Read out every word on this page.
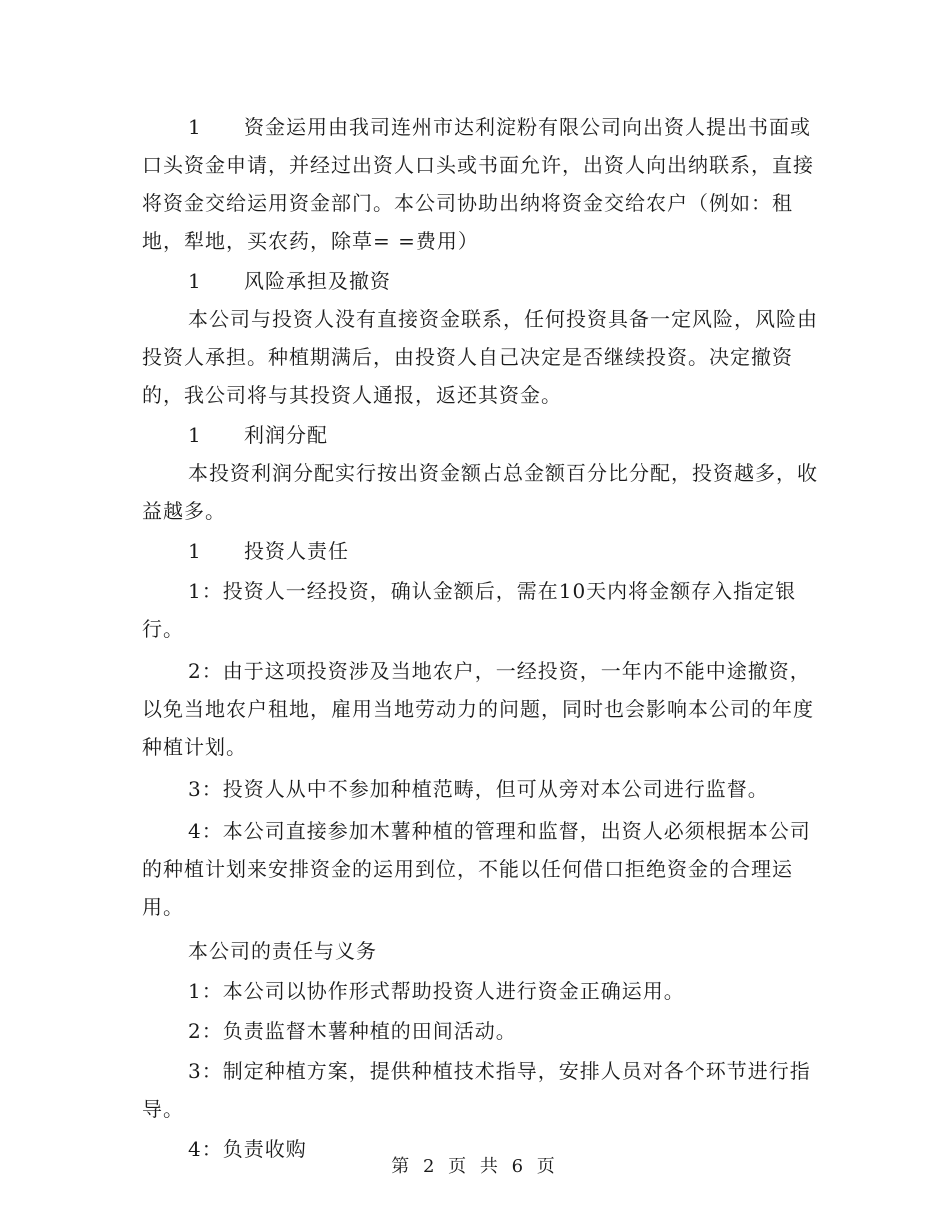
1 资金运用由我司连州市达利淀粉有限公司向出资人提出书面或口头资金申请，并经过出资人口头或书面允许，出资人向出纳联系，直接将资金交给运用资金部门。本公司协助出纳将资金交给农户（例如：租地，犁地，买农药，除草= =费用）

1 风险承担及撤资

本公司与投资人没有直接资金联系，任何投资具备一定风险，风险由投资人承担。种植期满后，由投资人自己决定是否继续投资。决定撤资的，我公司将与其投资人通报，返还其资金。

1 利润分配

本投资利润分配实行按出资金额占总金额百分比分配，投资越多，收益越多。

1 投资人责任

1：投资人一经投资，确认金额后，需在10天内将金额存入指定银行。

2：由于这项投资涉及当地农户，一经投资，一年内不能中途撤资，以免当地农户租地，雇用当地劳动力的问题，同时也会影响本公司的年度种植计划。

3：投资人从中不参加种植范畴，但可从旁对本公司进行监督。

4：本公司直接参加木薯种植的管理和监督，出资人必须根据本公司的种植计划来安排资金的运用到位，不能以任何借口拒绝资金的合理运用。

本公司的责任与义务

1：本公司以协作形式帮助投资人进行资金正确运用。

2：负责监督木薯种植的田间活动。

3：制定种植方案，提供种植技术指导，安排人员对各个环节进行指导。

4：负责收购

第 2 页 共 6 页
